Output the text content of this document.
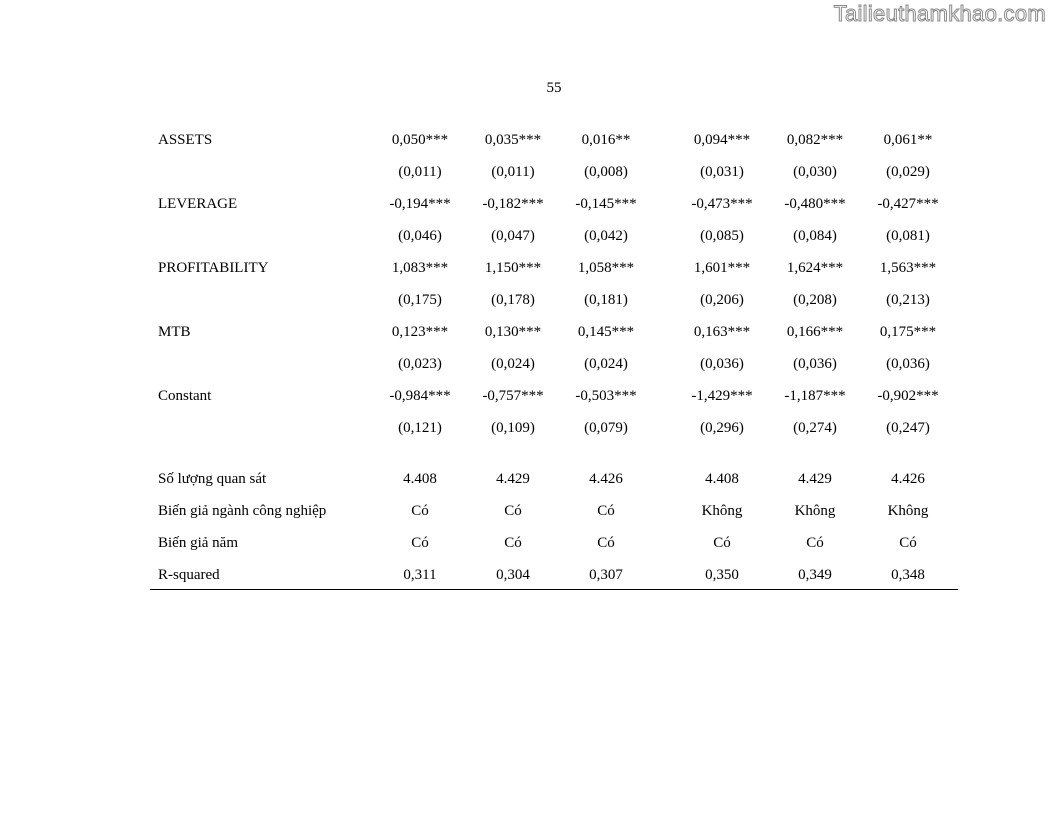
Tailieuthamkhao.com
55
ASSETS	0,050***	0,035***	0,016**	0,094***	0,082***	0,061**
(0,011)	(0,011)	(0,008)	(0,031)	(0,030)	(0,029)
LEVERAGE	-0,194***	-0,182***	-0,145***	-0,473***	-0,480***	-0,427***
(0,046)	(0,047)	(0,042)	(0,085)	(0,084)	(0,081)
PROFITABILITY	1,083***	1,150***	1,058***	1,601***	1,624***	1,563***
(0,175)	(0,178)	(0,181)	(0,206)	(0,208)	(0,213)
MTB	0,123***	0,130***	0,145***	0,163***	0,166***	0,175***
(0,023)	(0,024)	(0,024)	(0,036)	(0,036)	(0,036)
Constant	-0,984***	-0,757***	-0,503***	-1,429***	-1,187***	-0,902***
(0,121)	(0,109)	(0,079)	(0,296)	(0,274)	(0,247)
Số lượng quan sát	4.408	4.429	4.426	4.408	4.429	4.426
Biến giả ngành công nghiệp	Có	Có	Có	Không	Không	Không
Biến giả năm	Có	Có	Có	Có	Có	Có
R-squared	0,311	0,304	0,307	0,350	0,349	0,348
